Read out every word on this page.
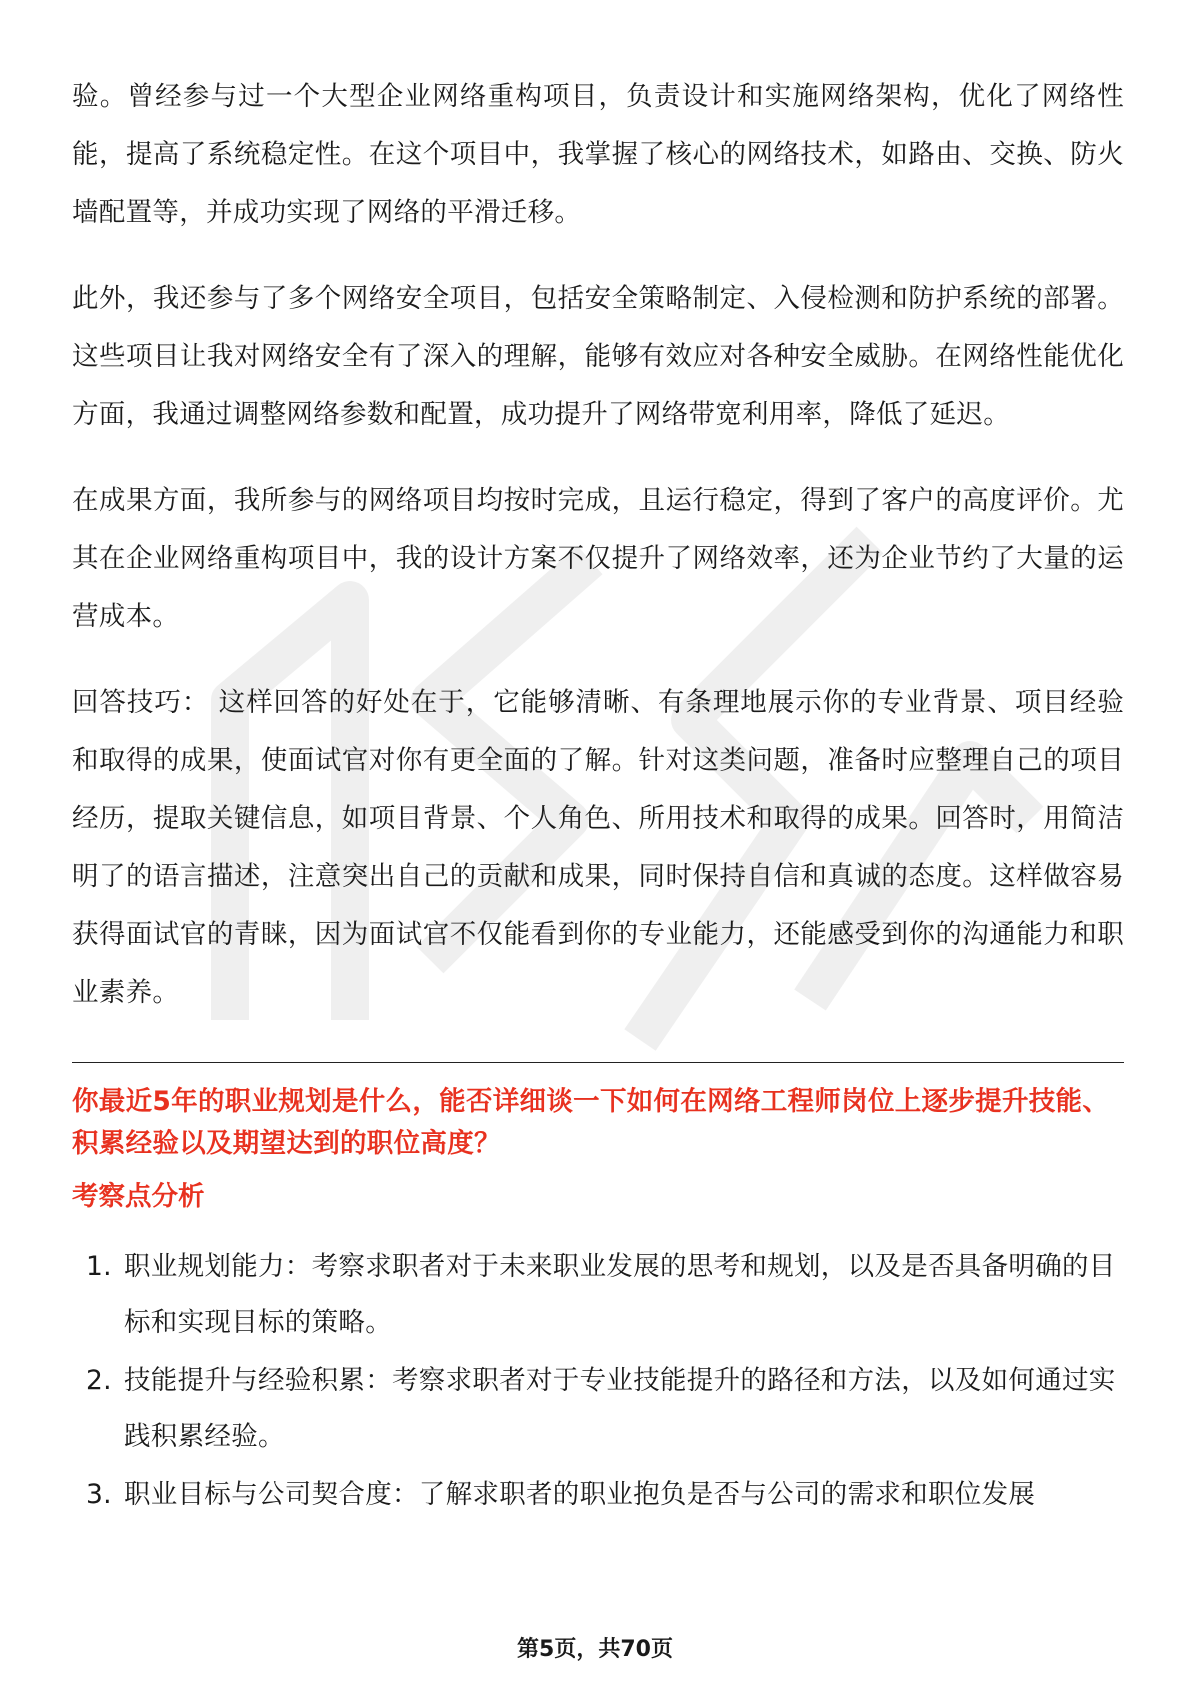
验。曾经参与过一个大型企业网络重构项目，负责设计和实施网络架构，优化了网络性能，提高了系统稳定性。在这个项目中，我掌握了核心的网络技术，如路由、交换、防火墙配置等，并成功实现了网络的平滑迁移。

此外，我还参与了多个网络安全项目，包括安全策略制定、入侵检测和防护系统的部署。这些项目让我对网络安全有了深入的理解，能够有效应对各种安全威胁。在网络性能优化方面，我通过调整网络参数和配置，成功提升了网络带宽利用率，降低了延迟。

在成果方面，我所参与的网络项目均按时完成，且运行稳定，得到了客户的高度评价。尤其在企业网络重构项目中，我的设计方案不仅提升了网络效率，还为企业节约了大量的运营成本。

回答技巧： 这样回答的好处在于，它能够清晰、有条理地展示你的专业背景、项目经验和取得的成果，使面试官对你有更全面的了解。针对这类问题，准备时应整理自己的项目经历，提取关键信息，如项目背景、个人角色、所用技术和取得的成果。回答时，用简洁明了的语言描述，注意突出自己的贡献和成果，同时保持自信和真诚的态度。这样做容易获得面试官的青睐，因为面试官不仅能看到你的专业能力，还能感受到你的沟通能力和职业素养。

你最近5年的职业规划是什么，能否详细谈一下如何在网络工程师岗位上逐步提升技能、积累经验以及期望达到的职位高度？

考察点分析

1. 职业规划能力：考察求职者对于未来职业发展的思考和规划，以及是否具备明确的目标和实现目标的策略。
2. 技能提升与经验积累：考察求职者对于专业技能提升的路径和方法，以及如何通过实践积累经验。
3. 职业目标与公司契合度：了解求职者的职业抱负是否与公司的需求和职位发展
第5页，共70页
